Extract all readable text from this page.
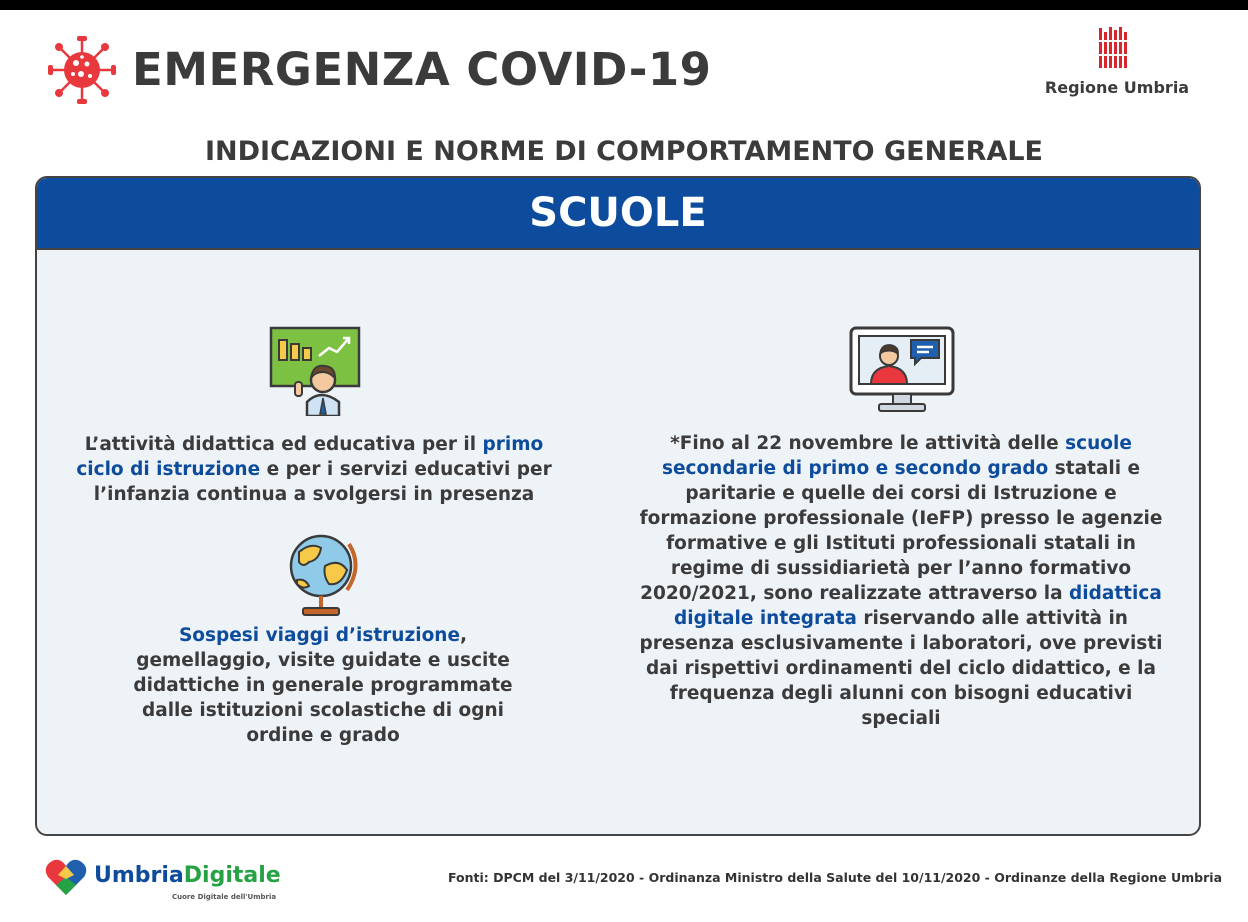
EMERGENZA COVID-19	Regione Umbria
INDICAZIONI E NORME DI COMPORTAMENTO GENERALE
SCUOLE
L’attività didattica ed educativa per il primo ciclo di istruzione e per i servizi educativi per l’infanzia continua a svolgersi in presenza
Sospesi viaggi d’istruzione, gemellaggio, visite guidate e uscite didattiche in generale programmate dalle istituzioni scolastiche di ogni ordine e grado
*Fino al 22 novembre le attività delle scuole secondarie di primo e secondo grado statali e paritarie e quelle dei corsi di Istruzione e formazione professionale (IeFP) presso le agenzie formative e gli Istituti professionali statali in regime di sussidiarietà per l’anno formativo 2020/2021, sono realizzate attraverso la didattica digitale integrata riservando alle attività in presenza esclusivamente i laboratori, ove previsti dai rispettivi ordinamenti del ciclo didattico, e la frequenza degli alunni con bisogni educativi speciali
UmbriaDigitale
Cuore Digitale dell'Umbria
Fonti: DPCM del 3/11/2020 - Ordinanza Ministro della Salute del 10/11/2020 - Ordinanze della Regione Umbria
